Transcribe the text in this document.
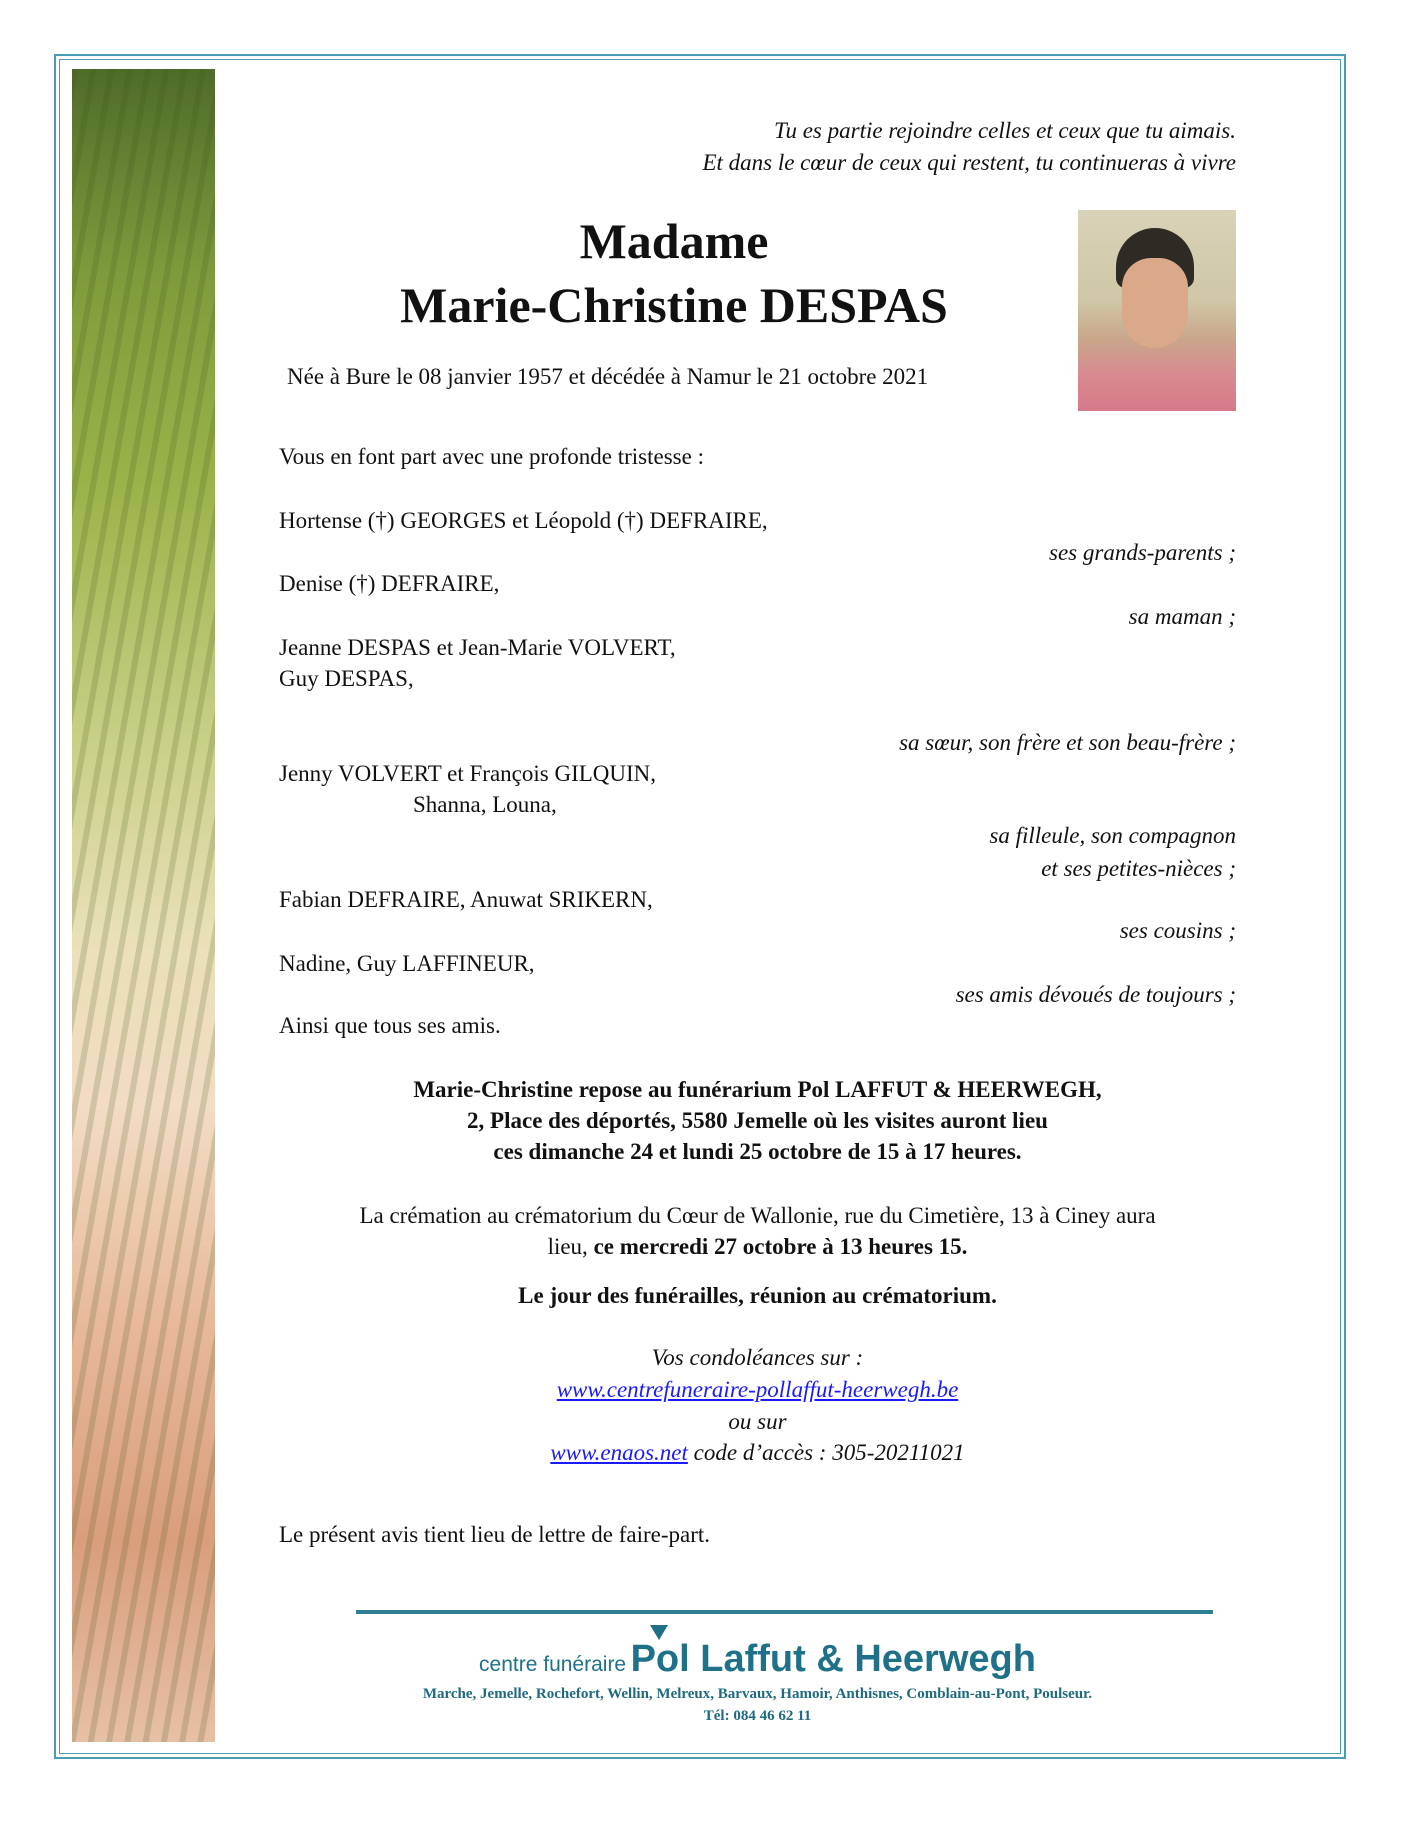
Tu es partie rejoindre celles et ceux que tu aimais.
Et dans le cœur de ceux qui restent, tu continueras à vivre
Madame
Marie-Christine DESPAS
Née à Bure le 08 janvier 1957 et décédée à Namur le 21 octobre 2021
Vous en font part avec une profonde tristesse :
Hortense (†) GEORGES et Léopold (†) DEFRAIRE,
ses grands-parents ;
Denise (†) DEFRAIRE,
sa maman ;
Jeanne DESPAS et Jean-Marie VOLVERT,
Guy DESPAS,
sa sœur, son frère et son beau-frère ;
Jenny VOLVERT et François GILQUIN,
Shanna, Louna,
sa filleule, son compagnon
et ses petites-nièces ;
Fabian DEFRAIRE, Anuwat SRIKERN,
ses cousins ;
Nadine, Guy LAFFINEUR,
ses amis dévoués de toujours ;
Ainsi que tous ses amis.
Marie-Christine repose au funérarium Pol LAFFUT & HEERWEGH,
2, Place des déportés, 5580 Jemelle où les visites auront lieu
ces dimanche 24 et lundi 25 octobre de 15 à 17 heures.
La crémation au crématorium du Cœur de Wallonie, rue du Cimetière, 13 à Ciney aura
lieu, ce mercredi 27 octobre à 13 heures 15.
Le jour des funérailles, réunion au crématorium.
Vos condoléances sur :
www.centrefuneraire-pollaffut-heerwegh.be
ou sur
www.enaos.net code d’accès : 305-20211021
Le présent avis tient lieu de lettre de faire-part.
centre funéraire Pol Laffut & Heerwegh
Marche, Jemelle, Rochefort, Wellin, Melreux, Barvaux, Hamoir, Anthisnes, Comblain-au-Pont, Poulseur.
Tél: 084 46 62 11
